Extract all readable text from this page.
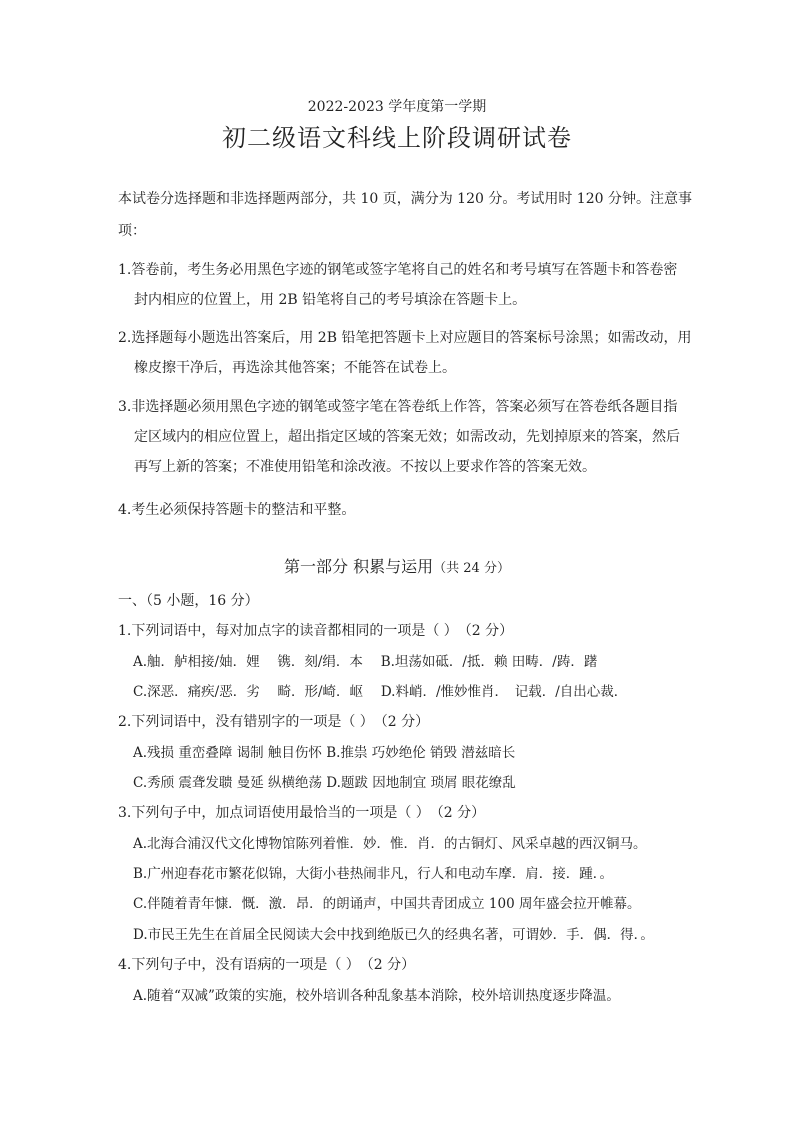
2022-2023 学年度第一学期
初二级语文科线上阶段调研试卷
本试卷分选择题和非选择题两部分，共 10 页，满分为 120 分。考试用时 120 分钟。注意事项：
1.答卷前，考生务必用黑色字迹的钢笔或签字笔将自己的姓名和考号填写在答题卡和答卷密
封内相应的位置上，用 2B 铅笔将自己的考号填涂在答题卡上。
2.选择题每小题选出答案后，用 2B 铅笔把答题卡上对应题目的答案标号涂黑；如需改动，用
橡皮擦干净后，再选涂其他答案；不能答在试卷上。
3.非选择题必须用黑色字迹的钢笔或签字笔在答卷纸上作答，答案必须写在答卷纸各题目指
定区域内的相应位置上，超出指定区域的答案无效；如需改动，先划掉原来的答案，然后
再写上新的答案；不准使用铅笔和涂改液。不按以上要求作答的答案无效。
4.考生必须保持答题卡的整洁和平整。
第一部分 积累与运用（共 24 分）
一、（5 小题，16 分）
1.下列词语中，每对加点字的读音都相同的一项是（ ）　（2 分）
A.舳．舻相接/妯．娌　 镌．刻/绢．本　 B.坦荡如砥．/抵．赖 田畴．/踌．躇
C.深恶．痛疾/恶．劣　 畸．形/崎．岖　 D.料峭．/惟妙惟肖．　记载．/自出心裁．
2.下列词语中，没有错别字的一项是（ ）　（2 分）
A.残损 重峦叠障 谒制 触目伤怀 B.推祟 巧妙绝伦 销毁 潜兹暗长
C.秀颀 震聋发聩 曼延 纵横绝荡 D.题跋 因地制宜 琐屑 眼花缭乱
3.下列句子中，加点词语使用最恰当的一项是（ ）　（2 分）
A.北海合浦汉代文化博物馆陈列着惟．妙．惟．肖．的古铜灯、风采卓越的西汉铜马。
B.广州迎春花市繁花似锦，大街小巷热闹非凡，行人和电动车摩．肩．接．踵．。
C.伴随着青年慷．慨．激．昂．的朗诵声，中国共青团成立 100 周年盛会拉开帷幕。
D.市民王先生在首届全民阅读大会中找到绝版已久的经典名著，可谓妙．手．偶．得．。
4.下列句子中，没有语病的一项是（ ）　（2 分）
A.随着“双减”政策的实施，校外培训各种乱象基本消除，校外培训热度逐步降温。
